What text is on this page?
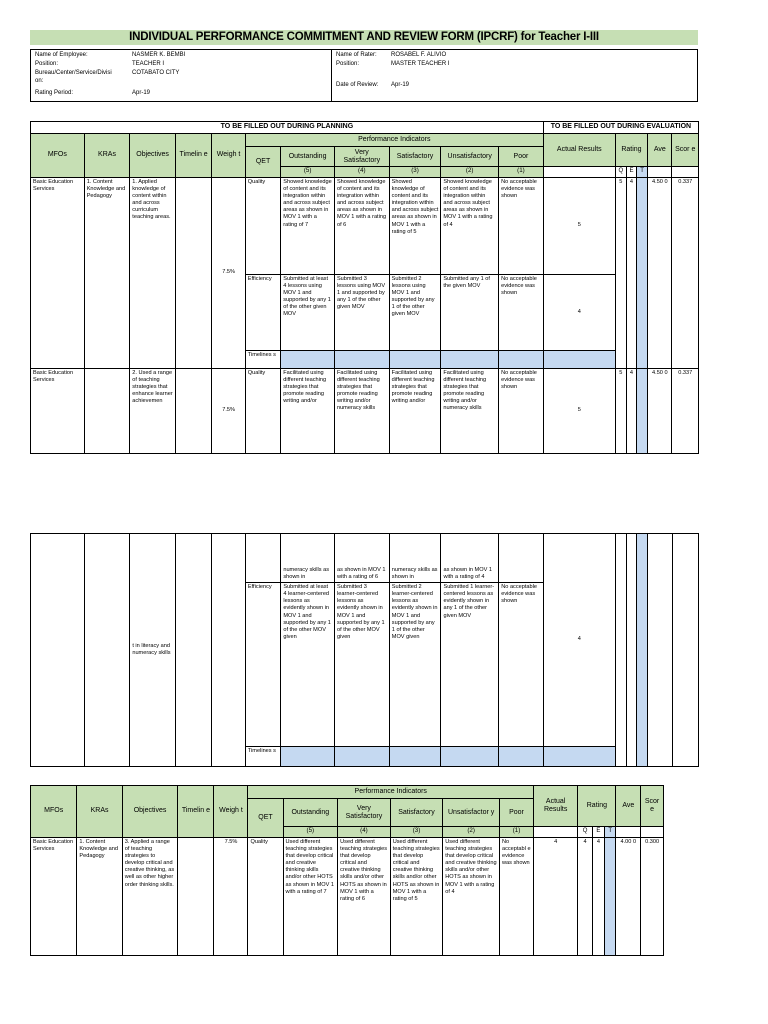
INDIVIDUAL PERFORMANCE COMMITMENT AND REVIEW FORM (IPCRF) for Teacher I-III
Name of Employee:	NASMER K. BEMBI
Position:	TEACHER I
Bureau/Center/Service/Divisi
on:
COTABATO CITY
Rating Period:	Apr-19
Name of Rater: ROSABEL F. ALIVIO
Position:	MASTER TEACHER I
Date of Review: Apr-19
TO BE FILLED OUT DURING PLANNING											TO BE FILLED OUT DURING EVALUATION					
MFOs	KRAs	Objectives	Timelin e	Weigh t	Performance Indicators						Actual Results	Rating			Ave	Scor e
					QET	Outstanding	Very Satisfactory	Satisfactory	Unsatisfactory	Poor						
						(5)	(4)	(3)	(2)	(1)		Q	E	T		
Basic Education Services	1. Content Knowledge and Pedagogy	1. Applied knowledge of content within and across curriculum teaching areas.		7.5%	Quality	Showed knowledge of content and its integration within and across subject areas as shown in MOV 1 with a rating of 7	Showed knowledge of content and its integration within and across subject areas as shown in MOV 1 with a rating of 6	Showed knowledge of content and its integration within and across subject areas as shown in MOV 1 with a rating of 5	Showed knowledge of content and its integration within and across subject areas as shown in MOV 1 with a rating of 4	No acceptable evidence was shown	5	5	4		4.50 0	0.337
					Efficiency	Submitted at least 4 lessons using MOV 1 and supported by any 1 of the other given MOV	Submitted 3 lessons using MOV 1 and supported by any 1 of the other given MOV	Submitted 2 lessons using MOV 1 and supported by any 1 of the other given MOV	Submitted any 1 of the given MOV	No acceptable evidence was shown	4					
					Timelines s											
Basic Education Services		2. Used a range of teaching strategies that enhance learner achievemen		7.5%	Quality	Facilitated using different teaching strategies that promote reading writing and/or	Facilitated using different teaching strategies that promote reading writing and/or numeracy skills	Facilitated using different teaching strategies that promote reading writing and/or	Facilitated using different teaching strategies that promote reading writing and/or numeracy skills	No acceptable evidence was shown	5	5	4		4.50 0	0.337
		t in literacy and numeracy skills				numeracy skills as shown in	as shown in MOV 1 with a rating of 6	numeracy skills as shown in	as shown in MOV 1 with a rating of 4		4					
					Efficiency	Submitted at least 4 learner-centered lessons as evidently shown in MOV 1 and supported by any 1 of the other MOV given	Submitted 3 learner-centered lessons as evidently shown in MOV 1 and supported by any 1 of the other MOV given	Submitted 2 learner-centered lessons as evidently shown in MOV 1 and supported by any 1 of the other MOV given	Submitted 1 learner-centered lessons as evidently shown in any 1 of the other given MOV	No acceptable evidence was shown						
					Timelines s											
MFOs	KRAs	Objectives	Timelin e	Weigh t	Performance Indicators						Actual Results	Rating			Ave	Scor e
					QET	Outstanding	Very Satisfactory	Satisfactory	Unsatisfactor y	Poor						
						(5)	(4)	(3)	(2)	(1)		Q	E	T		
Basic Education Services	1. Content Knowledge and Pedagogy	3. Applied a range of teaching strategies to develop critical and creative thinking, as well as other higher order thinking skills.		7.5%	Quality	Used different teaching strategies that develop critical and creative thinking skills and/or other HOTS as shown in MOV 1 with a rating of 7	Used different teaching strategies that develop critical and creative thinking skills and/or other HOTS as shown in MOV 1 with a rating of 6	Used different teaching strategies that develop critical and creative thinking skills and/or other HOTS as shown in MOV 1 with a rating of 5	Used different teaching strategies that develop critical and creative thinking skills and/or other HOTS as shown in MOV 1 with a rating of 4	No acceptabl e evidence was shown	4	4	4		4.00 0	0.300
